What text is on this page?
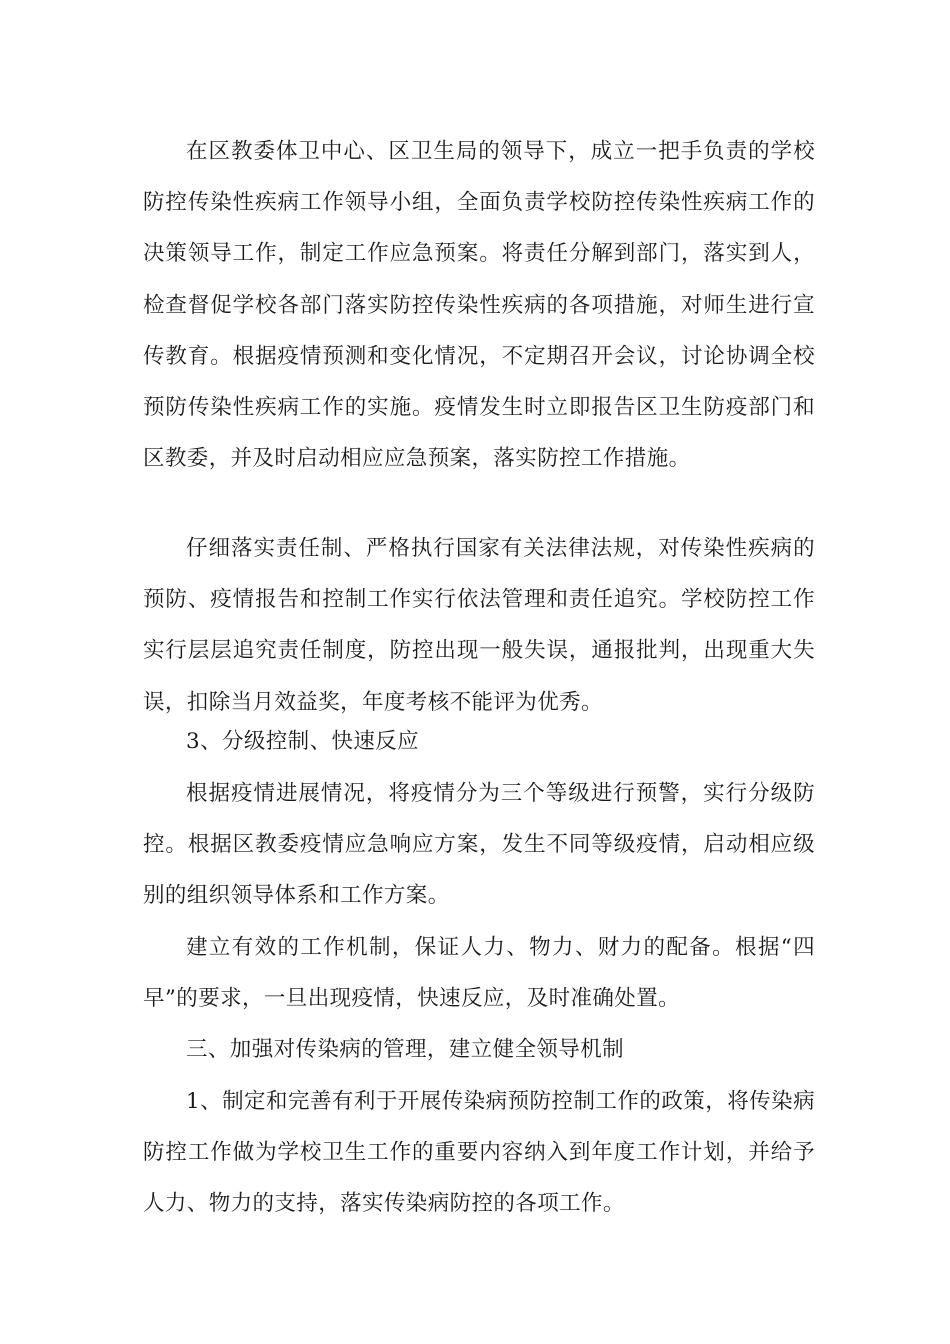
在区教委体卫中心、区卫生局的领导下，成立一把手负责的学校防控传染性疾病工作领导小组，全面负责学校防控传染性疾病工作的决策领导工作，制定工作应急预案。将责任分解到部门，落实到人，检查督促学校各部门落实防控传染性疾病的各项措施，对师生进行宣传教育。根据疫情预测和变化情况，不定期召开会议，讨论协调全校预防传染性疾病工作的实施。疫情发生时立即报告区卫生防疫部门和区教委，并及时启动相应应急预案，落实防控工作措施。

仔细落实责任制、严格执行国家有关法律法规，对传染性疾病的预防、疫情报告和控制工作实行依法管理和责任追究。学校防控工作实行层层追究责任制度，防控出现一般失误，通报批判，出现重大失误，扣除当月效益奖，年度考核不能评为优秀。

3、分级控制、快速反应

根据疫情进展情况，将疫情分为三个等级进行预警，实行分级防控。根据区教委疫情应急响应方案，发生不同等级疫情，启动相应级别的组织领导体系和工作方案。

建立有效的工作机制，保证人力、物力、财力的配备。根据“四早”的要求，一旦出现疫情，快速反应，及时准确处置。

三、加强对传染病的管理，建立健全领导机制

1、制定和完善有利于开展传染病预防控制工作的政策，将传染病防控工作做为学校卫生工作的重要内容纳入到年度工作计划，并给予人力、物力的支持，落实传染病防控的各项工作。
